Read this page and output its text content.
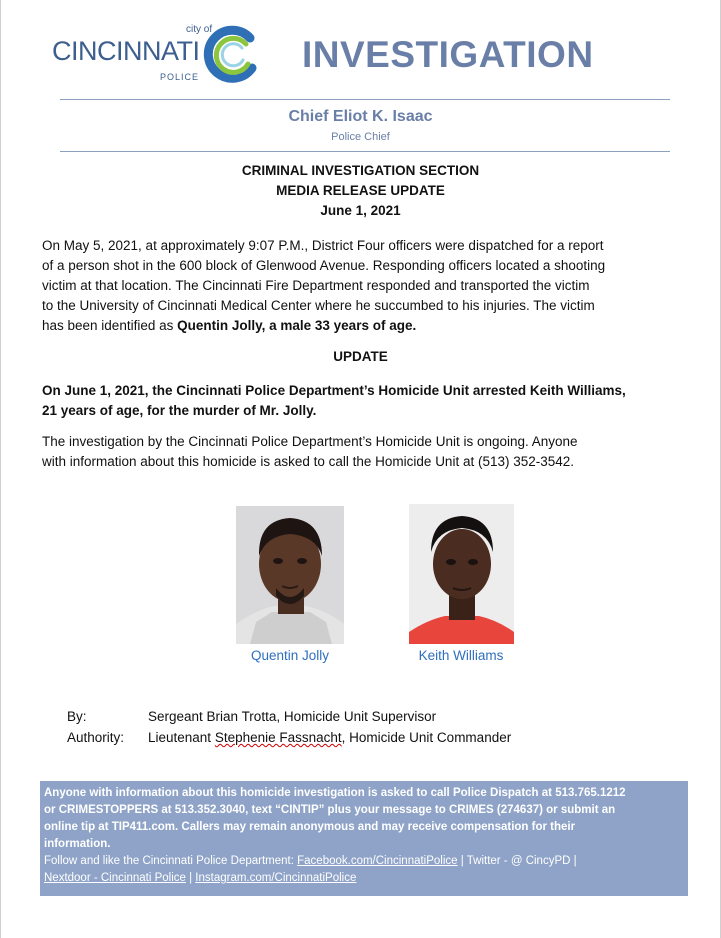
city of
CINCINNATI
POLICE
INVESTIGATION
Chief Eliot K. Isaac
Police Chief
CRIMINAL INVESTIGATION SECTION
MEDIA RELEASE UPDATE
June 1, 2021
On May 5, 2021, at approximately 9:07 P.M., District Four officers were dispatched for a report
of a person shot in the 600 block of Glenwood Avenue. Responding officers located a shooting
victim at that location. The Cincinnati Fire Department responded and transported the victim
to the University of Cincinnati Medical Center where he succumbed to his injuries. The victim
has been identified as Quentin Jolly, a male 33 years of age.
UPDATE
On June 1, 2021, the Cincinnati Police Department’s Homicide Unit arrested Keith Williams,
21 years of age, for the murder of Mr. Jolly.
The investigation by the Cincinnati Police Department’s Homicide Unit is ongoing. Anyone
with information about this homicide is asked to call the Homicide Unit at (513) 352-3542.
Quentin Jolly	Keith Williams
By:	Sergeant Brian Trotta, Homicide Unit Supervisor
Authority: Lieutenant Stephenie Fassnacht, Homicide Unit Commander
Anyone with information about this homicide investigation is asked to call Police Dispatch at 513.765.1212
or CRIMESTOPPERS at 513.352.3040, text “CINTIP” plus your message to CRIMES (274637) or submit an
online tip at TIP411.com. Callers may remain anonymous and may receive compensation for their
information.
Follow and like the Cincinnati Police Department: Facebook.com/CincinnatiPolice | Twitter - @ CincyPD |
Nextdoor - Cincinnati Police | Instagram.com/CincinnatiPolice
